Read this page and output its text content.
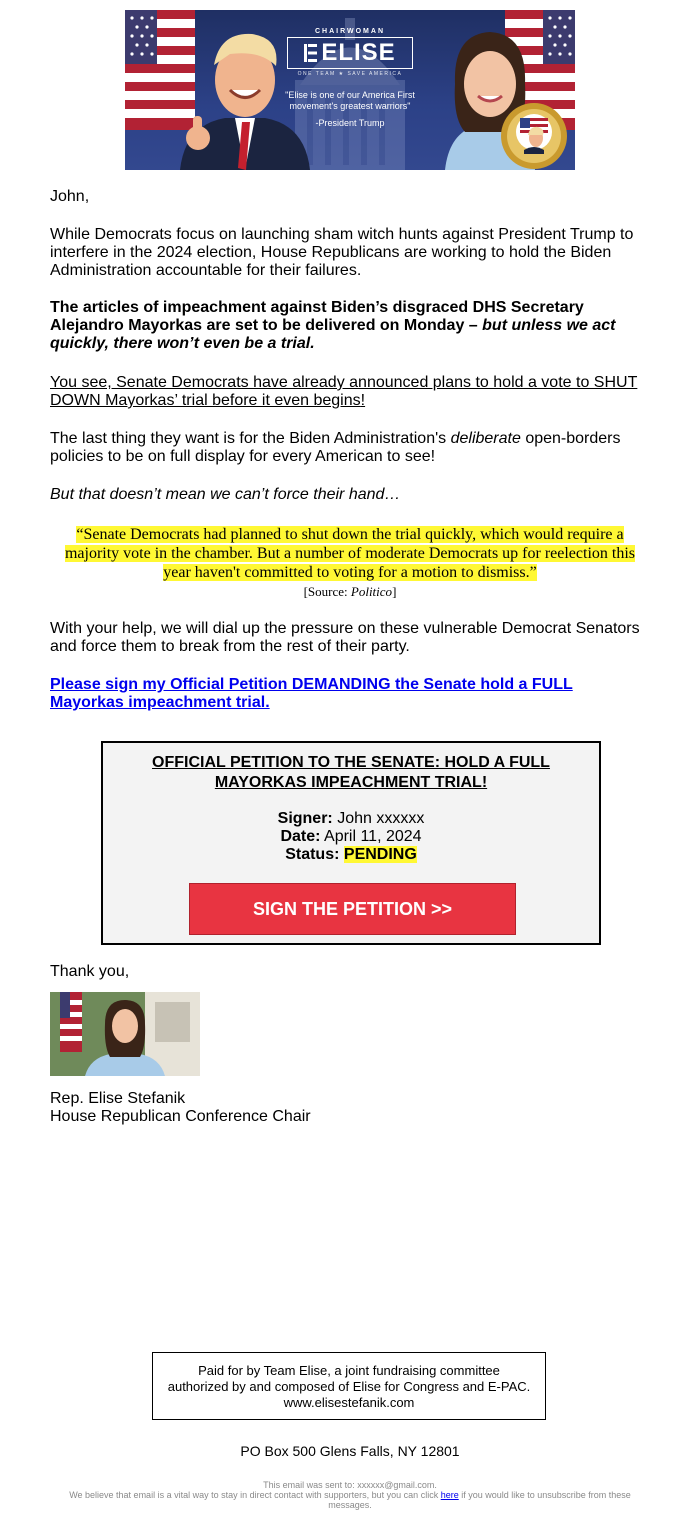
CHAIRWOMAN
ELISE
ONE TEAM ★ SAVE AMERICA
"Elise is one of our America First movement's greatest warriors"
-President Trump
John,
While Democrats focus on launching sham witch hunts against President Trump to interfere in the 2024 election, House Republicans are working to hold the Biden Administration accountable for their failures.
The articles of impeachment against Biden’s disgraced DHS Secretary Alejandro Mayorkas are set to be delivered on Monday – but unless we act quickly, there won’t even be a trial.
You see, Senate Democrats have already announced plans to hold a vote to SHUT DOWN Mayorkas’ trial before it even begins!
The last thing they want is for the Biden Administration's deliberate open-borders policies to be on full display for every American to see!
But that doesn’t mean we can’t force their hand…
“Senate Democrats had planned to shut down the trial quickly, which would require a majority vote in the chamber. But a number of moderate Democrats up for reelection this year haven't committed to voting for a motion to dismiss.”
[Source: Politico]
With your help, we will dial up the pressure on these vulnerable Democrat Senators and force them to break from the rest of their party.
Please sign my Official Petition DEMANDING the Senate hold a FULL Mayorkas impeachment trial.
OFFICIAL PETITION TO THE SENATE: HOLD A FULL
MAYORKAS IMPEACHMENT TRIAL!
Signer: John xxxxxx
Date: April 11, 2024
Status: PENDING
SIGN THE PETITION >>
Thank you,
Rep. Elise Stefanik
House Republican Conference Chair
Paid for by Team Elise, a joint fundraising committee authorized by and composed of Elise for Congress and E-PAC. www.elisestefanik.com
PO Box 500 Glens Falls, NY 12801
This email was sent to: xxxxxx@gmail.com.
We believe that email is a vital way to stay in direct contact with supporters, but you can click here if you would like to unsubscribe from these messages.
